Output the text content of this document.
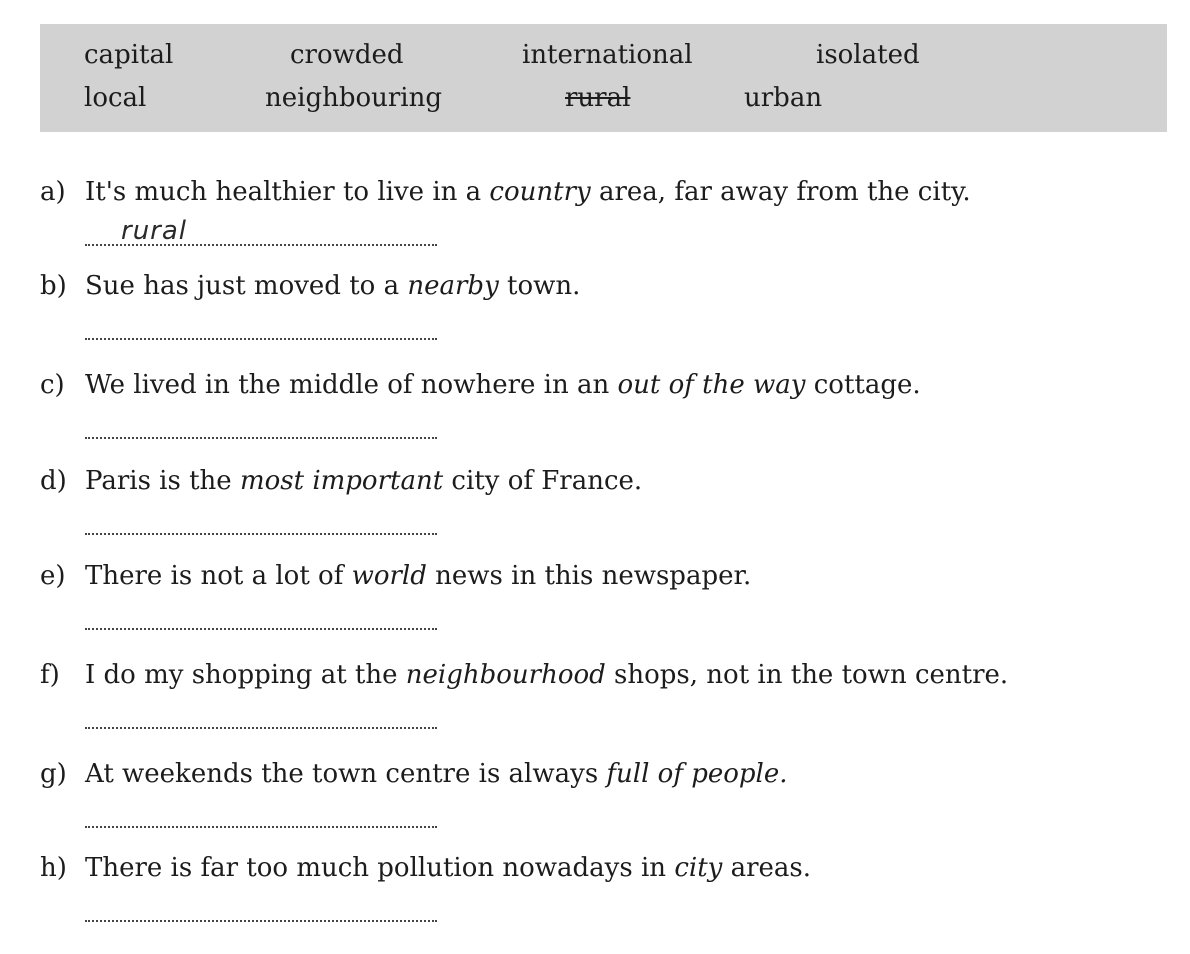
capital	crowded	international	isolated
local	neighbouring	rural	urban
a) It's much healthier to live in a country area, far away from the city.
rural
b) Sue has just moved to a nearby town.
c) We lived in the middle of nowhere in an out of the way cottage.
d) Paris is the most important city of France.
e) There is not a lot of world news in this newspaper.
f) I do my shopping at the neighbourhood shops, not in the town centre.
g) At weekends the town centre is always full of people.
h) There is far too much pollution nowadays in city areas.
